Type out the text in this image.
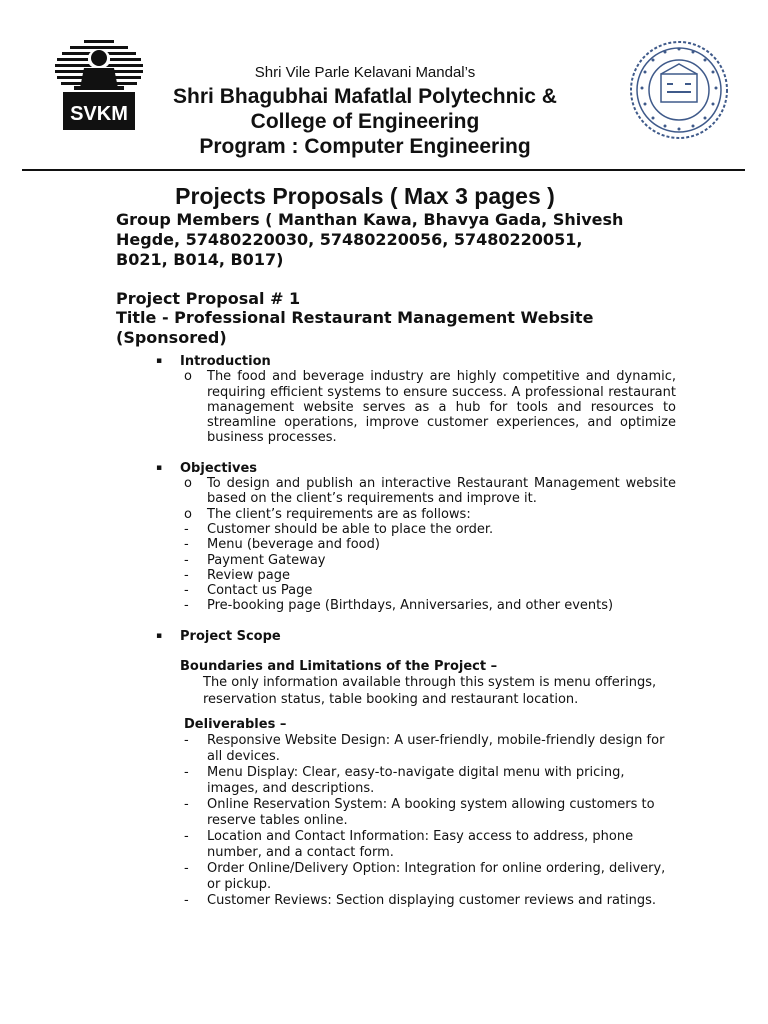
SVKM
Shri Vile Parle Kelavani Mandal’s
Shri Bhagubhai Mafatlal Polytechnic &
College of Engineering
Program : Computer Engineering
Projects Proposals ( Max 3 pages )
Group Members ( Manthan Kawa, Bhavya Gada, Shivesh Hegde, 57480220030, 57480220056, 57480220051, B021, B014, B017)
Project Proposal # 1
Title - Professional Restaurant Management Website (Sponsored)
▪	Introduction
o	The food and beverage industry are highly competitive and dynamic, requiring efficient systems to ensure success. A professional restaurant management website serves as a hub for tools and resources to streamline operations, improve customer experiences, and optimize business processes.
▪	Objectives
o	To design and publish an interactive Restaurant Management website based on the client’s requirements and improve it.
o	The client’s requirements are as follows:
-	Customer should be able to place the order.
-	Menu (beverage and food)
-	Payment Gateway
-	Review page
-	Contact us Page
-	Pre-booking page (Birthdays, Anniversaries, and other events)
▪	Project Scope
Boundaries and Limitations of the Project –
The only information available through this system is menu offerings, reservation status, table booking and restaurant location.
Deliverables –
-	Responsive Website Design: A user-friendly, mobile-friendly design for all devices.
-	Menu Display: Clear, easy-to-navigate digital menu with pricing, images, and descriptions.
-	Online Reservation System: A booking system allowing customers to reserve tables online.
-	Location and Contact Information: Easy access to address, phone number, and a contact form.
-	Order Online/Delivery Option: Integration for online ordering, delivery, or pickup.
-	Customer Reviews: Section displaying customer reviews and ratings.
